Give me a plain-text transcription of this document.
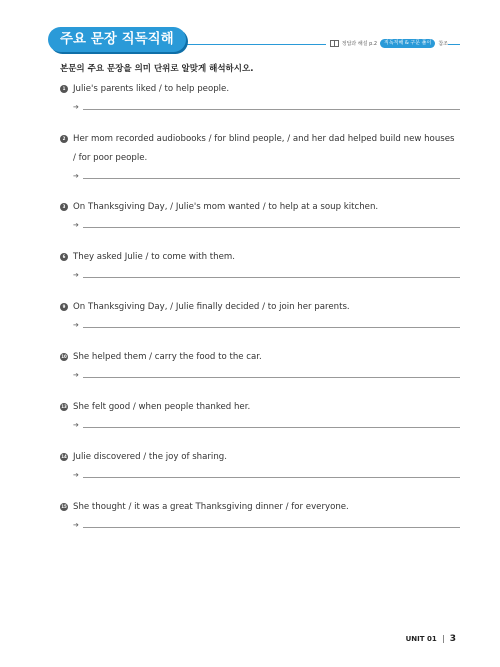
주요 문장 직독직해	정답과 해설 p.2	직독직해 & 구문 풀이	참조
본문의 주요 문장을 의미 단위로 알맞게 해석하시오.
1 Julie's parents liked / to help people.
➔
2 Her mom recorded audiobooks / for blind people, / and her dad helped build new houses / for poor people.
➔
3 On Thanksgiving Day, / Julie's mom wanted / to help at a soup kitchen.
➔
6 They asked Julie / to come with them.
➔
9 On Thanksgiving Day, / Julie finally decided / to join her parents.
➔
10 She helped them / carry the food to the car.
➔
13 She felt good / when people thanked her.
➔
14 Julie discovered / the joy of sharing.
➔
15 She thought / it was a great Thanksgiving dinner / for everyone.
➔
UNIT 01 3
